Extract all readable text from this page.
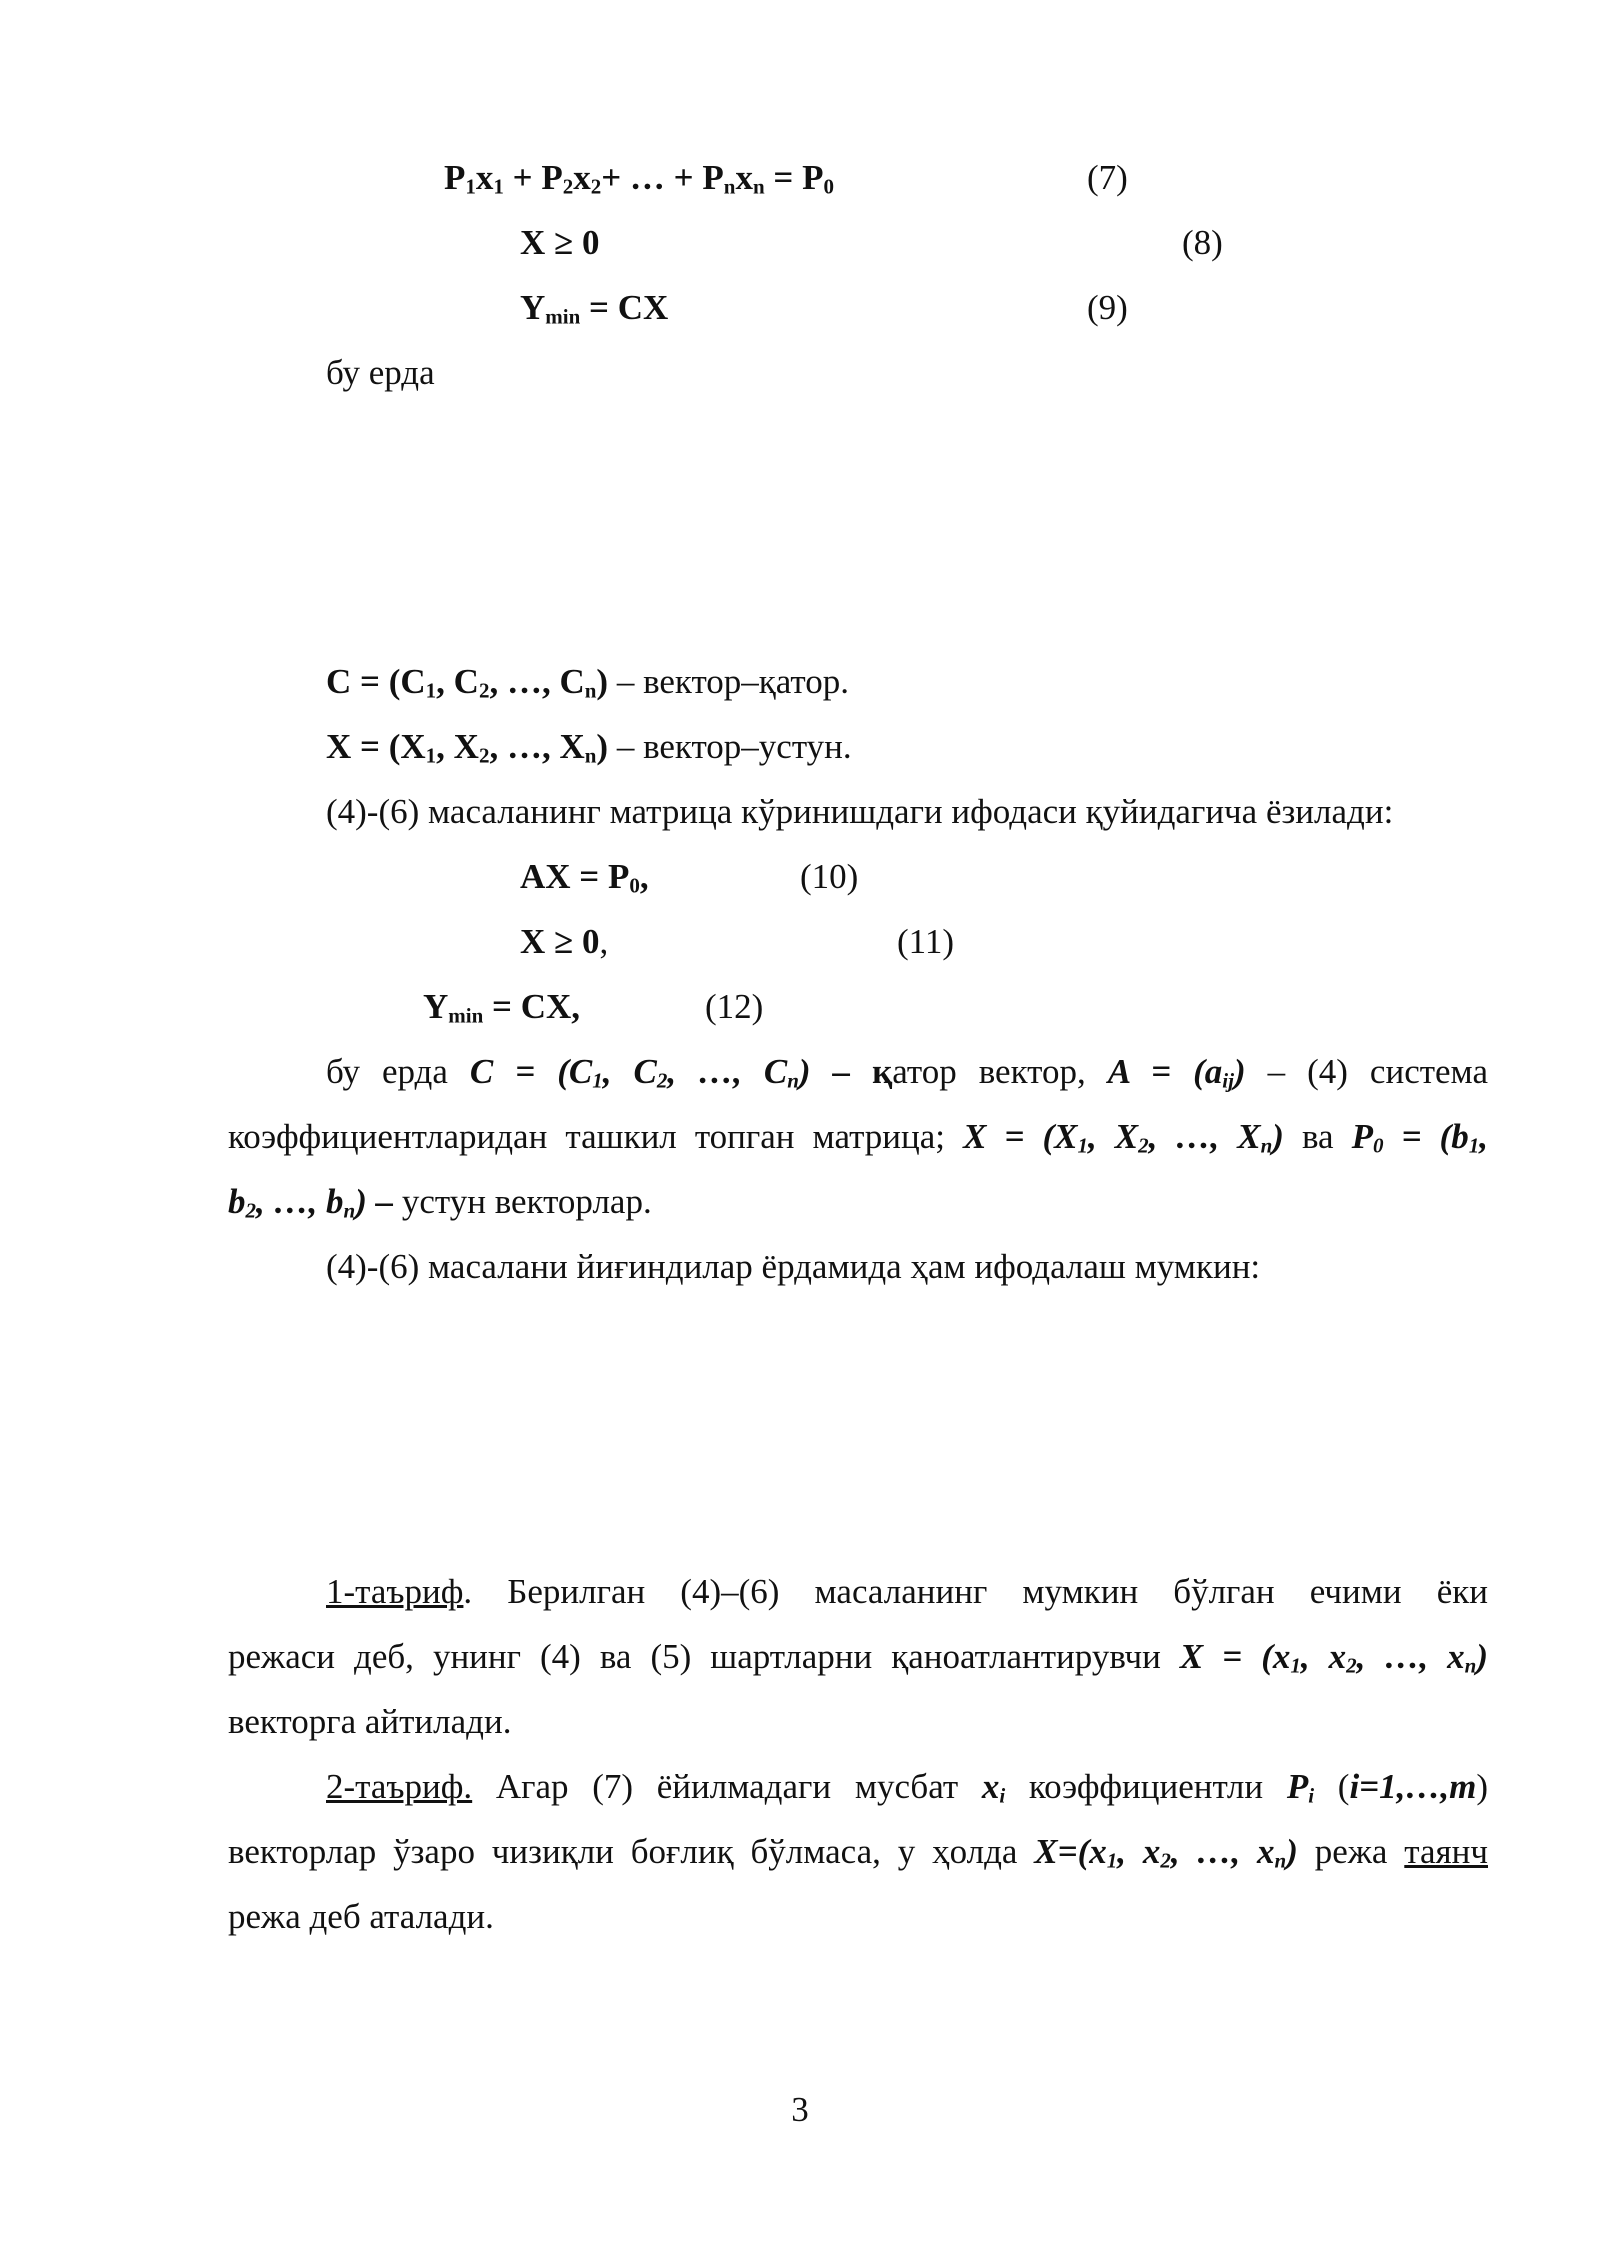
$P_1x_1 + P_2x_2+$ … + $P_nx_n = P_0$	(7)
X ≥ 0	(8)
$Y_{min}$ = CX	(9)
бу ерда
$C = (C_1$, $C_2$, …, $C_n$) – вектор–қатор.
$X = (X_1$, $X_2$, …, $X_n$) – вектор–устун.
(4)-(6) масаланинг матрица кўринишдаги ифодаси қуйидагича ёзилади:
AX = $P_0$,	(10)
X ≥ 0,	(11)
$Y_{min}$ = CX,	(12)
бу ерда $C = (C_1$, $C_2$, …, $C_n$) – қатор вектор, $A = (a_{ij}) - (4)$ система
коэффициентларидан ташкил топган матрица; $X = (X_1$, $X_2$, …, $X_n$) ва $P_0 = (b_1$,
$b_2$, …, $b_n$) – устун векторлар.
(4)-(6) масалани йиғиндилар ёрдамида ҳам ифодалаш мумкин:
1-таъриф. Берилган (4)–(6) масаланинг мумкин бўлган ечими ёки
режаси деб, унинг (4) ва (5) шартларни қаноатлантирувчи $X = (x_1$, $x_2$, …, $x_n$)
векторга айтилади.
2-таъриф. Агар (7) ёйилмадаги мусбат $x_i$ коэффициентли $P_i$ (i=1,…,m)
векторлар ўзаро чизиқли боғлиқ бўлмаса, у ҳолда $X=(x_1$, $x_2$, …, $x_n$) режа таянч
режа деб аталади.
3
